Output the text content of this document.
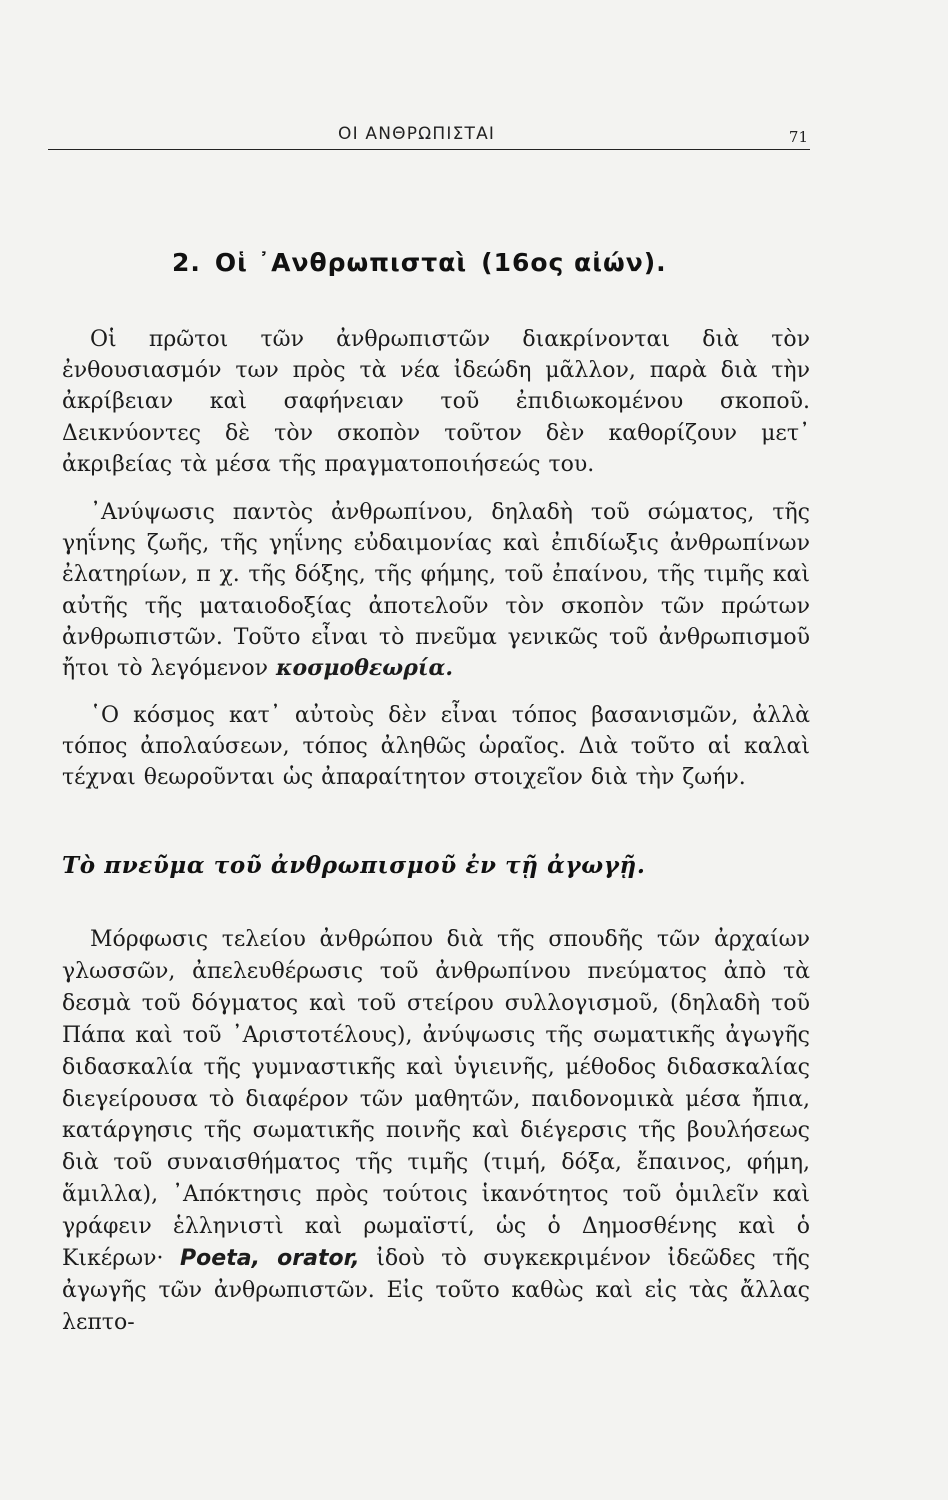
ΟΙ ΑΝΘΡΩΠΙΣΤΑΙ	71
2. Οἱ ᾿Ανθρωπισταὶ (16ος αἰών).
Οἱ πρῶτοι τῶν ἀνθρωπιστῶν διακρίνονται διὰ τὸν ἐνθουσιασμόν των πρὸς τὰ νέα ἰδεώδη μᾶλλον, παρὰ διὰ τὴν ἀκρίβειαν καὶ σαφήνειαν τοῦ ἐπιδιωκομένου σκοποῦ. Δεικνύοντες δὲ τὸν σκοπὸν τοῦτον δὲν καθορίζουν μετ᾿ ἀκριβείας τὰ μέσα τῆς πραγματοποιήσεώς του.
᾿Ανύψωσις παντὸς ἀνθρωπίνου, δηλαδὴ τοῦ σώματος, τῆς γηΐνης ζωῆς, τῆς γηΐνης εὐδαιμονίας καὶ ἐπιδίωξις ἀνθρωπίνων ἐλατηρίων, π χ. τῆς δόξης, τῆς φήμης, τοῦ ἐπαίνου, τῆς τιμῆς καὶ αὐτῆς τῆς ματαιοδοξίας ἀποτελοῦν τὸν σκοπὸν τῶν πρώτων ἀνθρωπιστῶν. Τοῦτο εἶναι τὸ πνεῦμα γενικῶς τοῦ ἀνθρωπισμοῦ ἤτοι τὸ λεγόμενον κοσμοθεωρία.
῾Ο κόσμος κατ᾿ αὐτοὺς δὲν εἶναι τόπος βασανισμῶν, ἀλλὰ τόπος ἀπολαύσεων, τόπος ἀληθῶς ὡραῖος. Διὰ τοῦτο αἱ καλαὶ τέχναι θεωροῦνται ὡς ἀπαραίτητον στοιχεῖον διὰ τὴν ζωήν.
Τὸ πνεῦμα τοῦ ἀνθρωπισμοῦ ἐν τῇ ἀγωγῇ.
Μόρφωσις τελείου ἀνθρώπου διὰ τῆς σπουδῆς τῶν ἀρχαίων γλωσσῶν, ἀπελευθέρωσις τοῦ ἀνθρωπίνου πνεύματος ἀπὸ τὰ δεσμὰ τοῦ δόγματος καὶ τοῦ στείρου συλλογισμοῦ, (δηλαδὴ τοῦ Πάπα καὶ τοῦ ᾿Αριστοτέλους), ἀνύψωσις τῆς σωματικῆς ἀγωγῆς διδασκαλία τῆς γυμναστικῆς καὶ ὑγιεινῆς, μέθοδος διδασκαλίας διεγείρουσα τὸ διαφέρον τῶν μαθητῶν, παιδονομικὰ μέσα ἤπια, κατάργησις τῆς σωματικῆς ποινῆς καὶ διέγερσις τῆς βουλήσεως διὰ τοῦ συναισθήματος τῆς τιμῆς (τιμή, δόξα, ἔπαινος, φήμη, ἅμιλλα), ᾿Απόκτησις πρὸς τούτοις ἱκανότητος τοῦ ὁμιλεῖν καὶ γράφειν ἑλληνιστὶ καὶ ρωμαϊστί, ὡς ὁ Δημοσθένης καὶ ὁ Κικέρων· Poeta, orator, ἰδοὺ τὸ συγκεκριμένον ἰδεῶδες τῆς ἀγωγῆς τῶν ἀνθρωπιστῶν. Εἰς τοῦτο καθὼς καὶ εἰς τὰς ἄλλας λεπτο-
